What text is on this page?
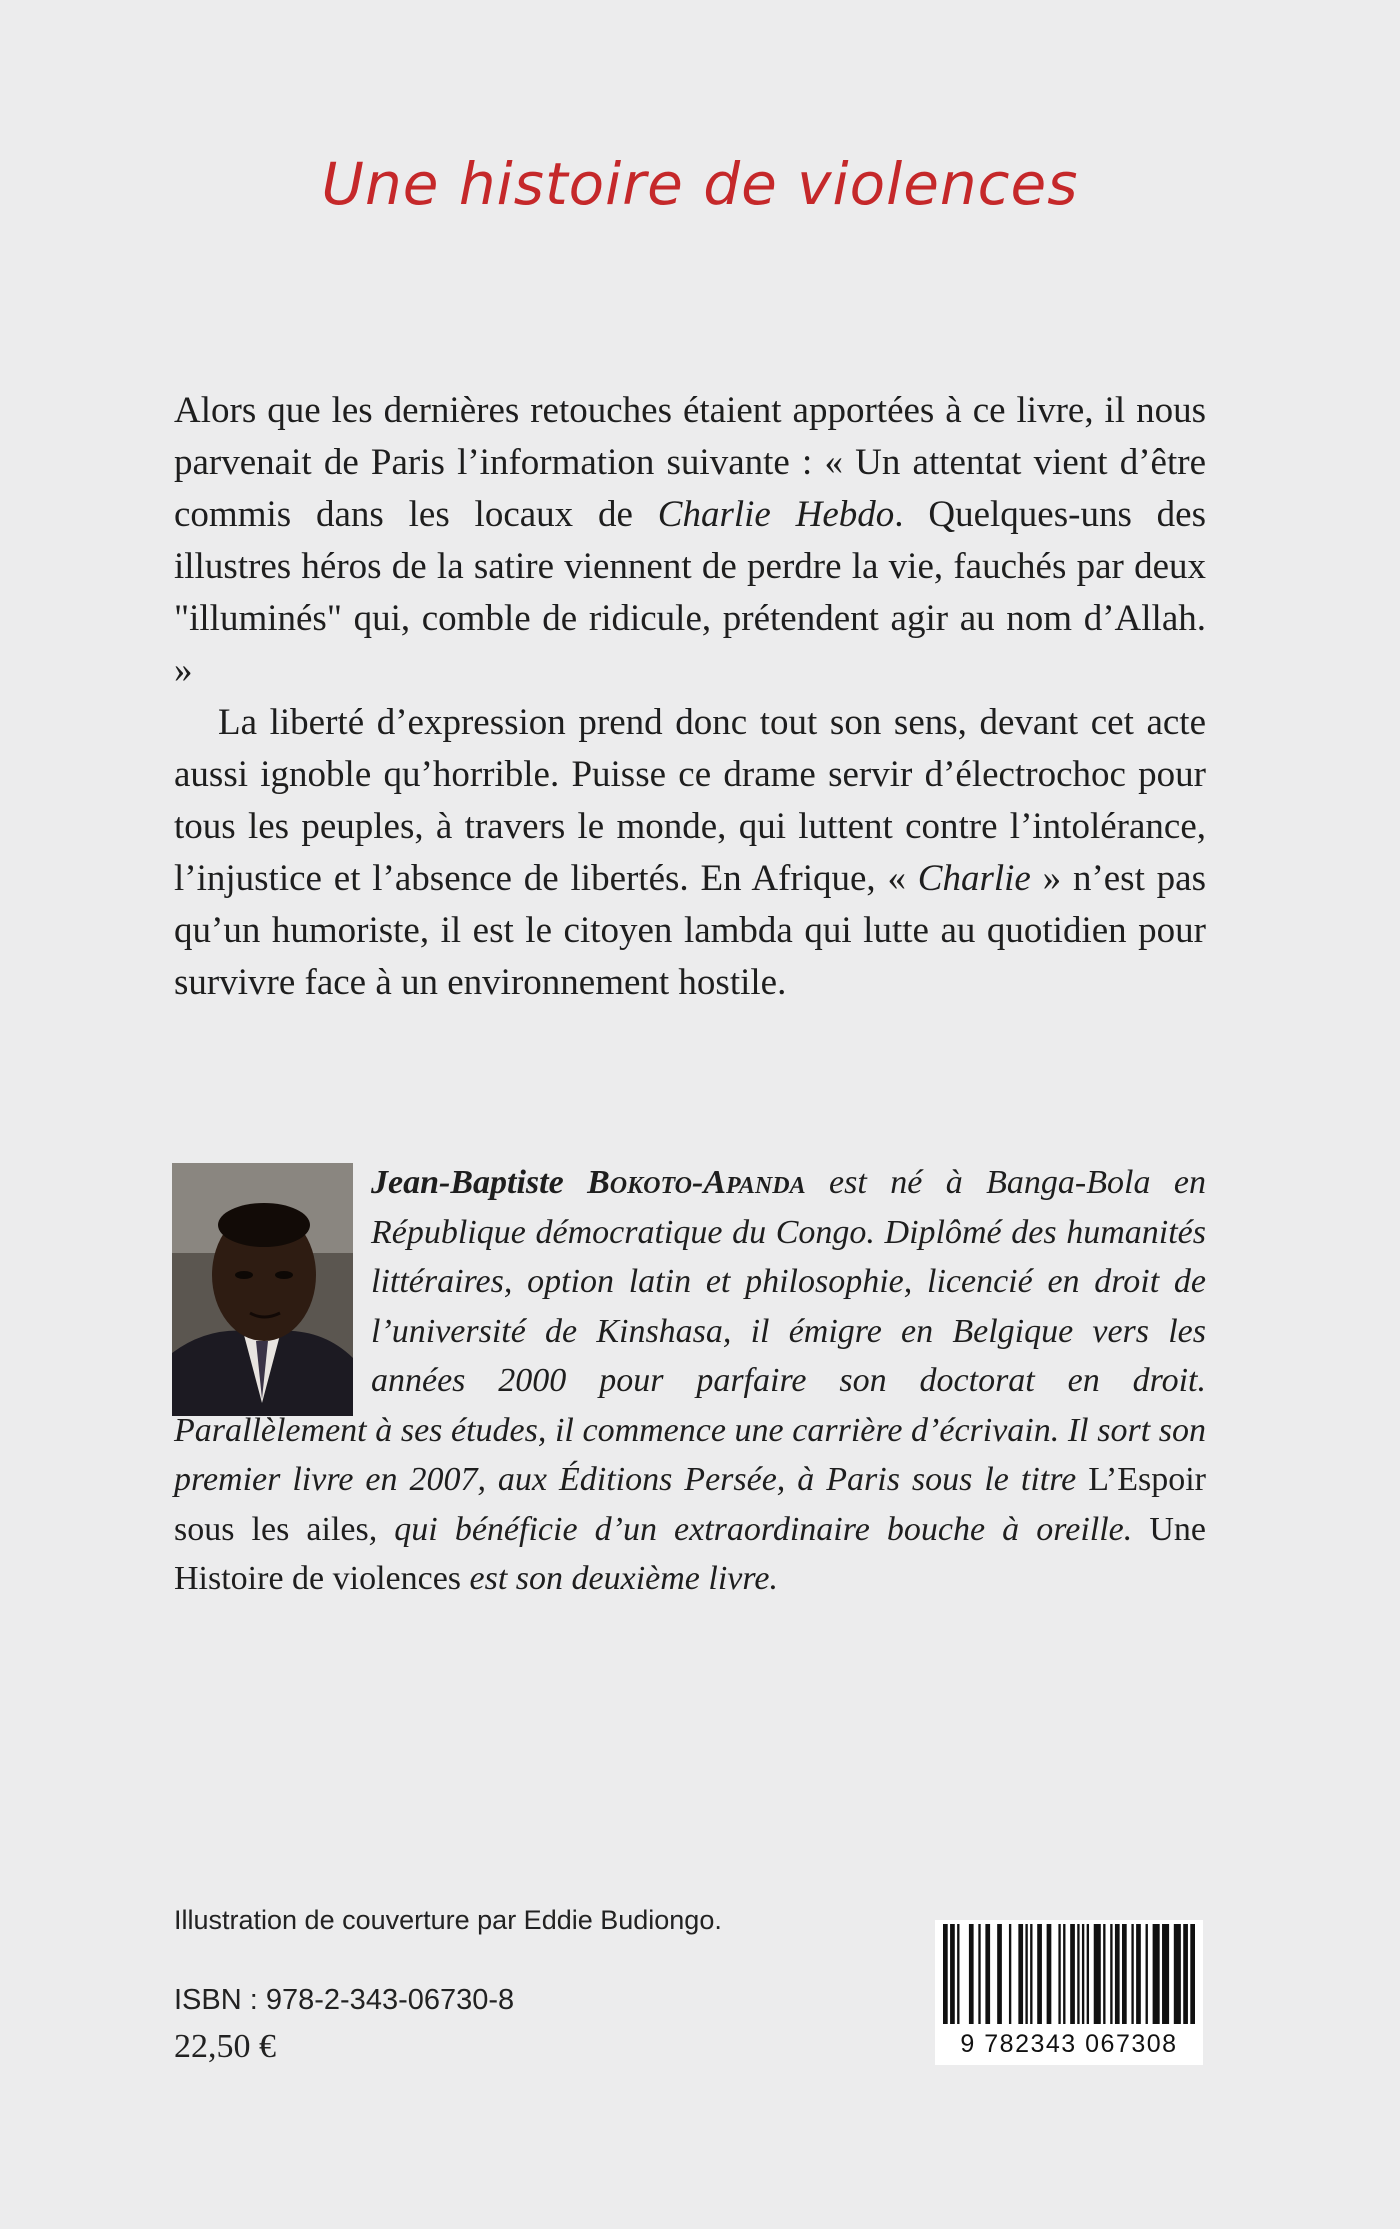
Une histoire de violences

Alors que les dernières retouches étaient apportées à ce livre, il nous parvenait de Paris l’information suivante : « Un attentat vient d’être commis dans les locaux de Charlie Hebdo. Quelques-uns des illustres héros de la satire viennent de perdre la vie, fauchés par deux "illuminés" qui, comble de ridicule, prétendent agir au nom d’Allah. »

La liberté d’expression prend donc tout son sens, devant cet acte aussi ignoble qu’horrible. Puisse ce drame servir d’électrochoc pour tous les peuples, à travers le monde, qui luttent contre l’intolérance, l’injustice et l’absence de libertés. En Afrique, « Charlie » n’est pas qu’un humoriste, il est le citoyen lambda qui lutte au quotidien pour survivre face à un environnement hostile.

Jean-Baptiste Bokoto-Apanda est né à Banga-Bola en République démocratique du Congo. Diplômé des humanités littéraires, option latin et philosophie, licencié en droit de l’université de Kinshasa, il émigre en Belgique vers les années 2000 pour parfaire son doctorat en droit. Parallèlement à ses études, il commence une carrière d’écrivain. Il sort son premier livre en 2007, aux Éditions Persée, à Paris sous le titre L’Espoir sous les ailes, qui bénéficie d’un extraordinaire bouche à oreille. Une Histoire de violences est son deuxième livre.
Illustration de couverture par Eddie Budiongo.
ISBN : 978-2-343-06730-8
22,50 €	9 782343 067308
